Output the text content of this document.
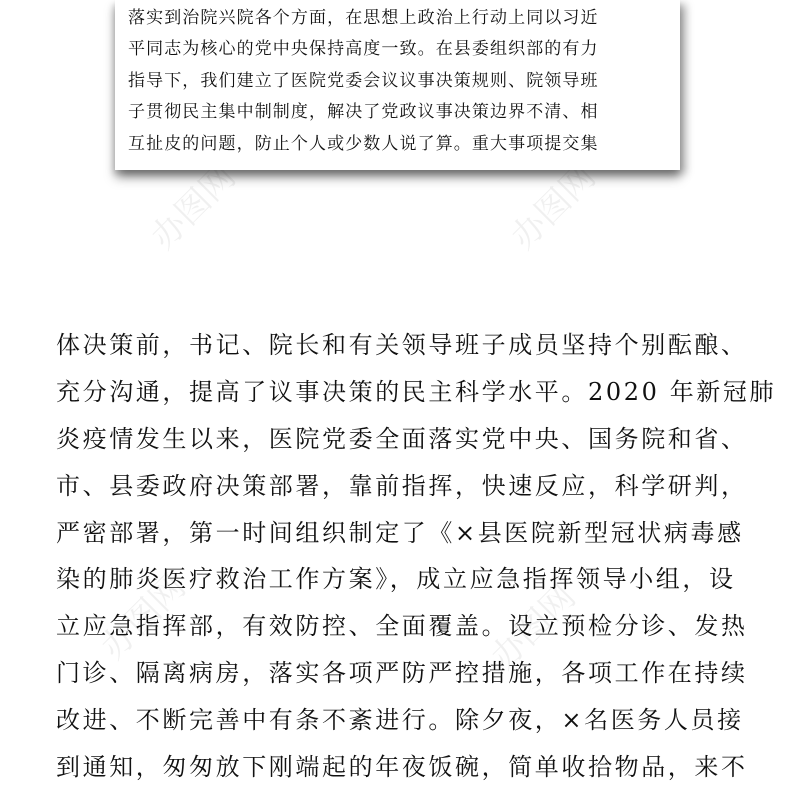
办图网	办图网
办图网	办图网
落实到治院兴院各个方面，在思想上政治上行动上同以习近
平同志为核心的党中央保持高度一致。在县委组织部的有力
指导下，我们建立了医院党委会议议事决策规则、院领导班
子贯彻民主集中制制度，解决了党政议事决策边界不清、相
互扯皮的问题，防止个人或少数人说了算。重大事项提交集
体决策前，书记、院长和有关领导班子成员坚持个别酝酿、
充分沟通，提高了议事决策的民主科学水平。2020 年新冠肺
炎疫情发生以来，医院党委全面落实党中央、国务院和省、
市、县委政府决策部署，靠前指挥，快速反应，科学研判，
严密部署，第一时间组织制定了《×县医院新型冠状病毒感
染的肺炎医疗救治工作方案》，成立应急指挥领导小组，设
立应急指挥部，有效防控、全面覆盖。设立预检分诊、发热
门诊、隔离病房，落实各项严防严控措施，各项工作在持续
改进、不断完善中有条不紊进行。除夕夜，×名医务人员接
到通知，匆匆放下刚端起的年夜饭碗，简单收拾物品，来不
